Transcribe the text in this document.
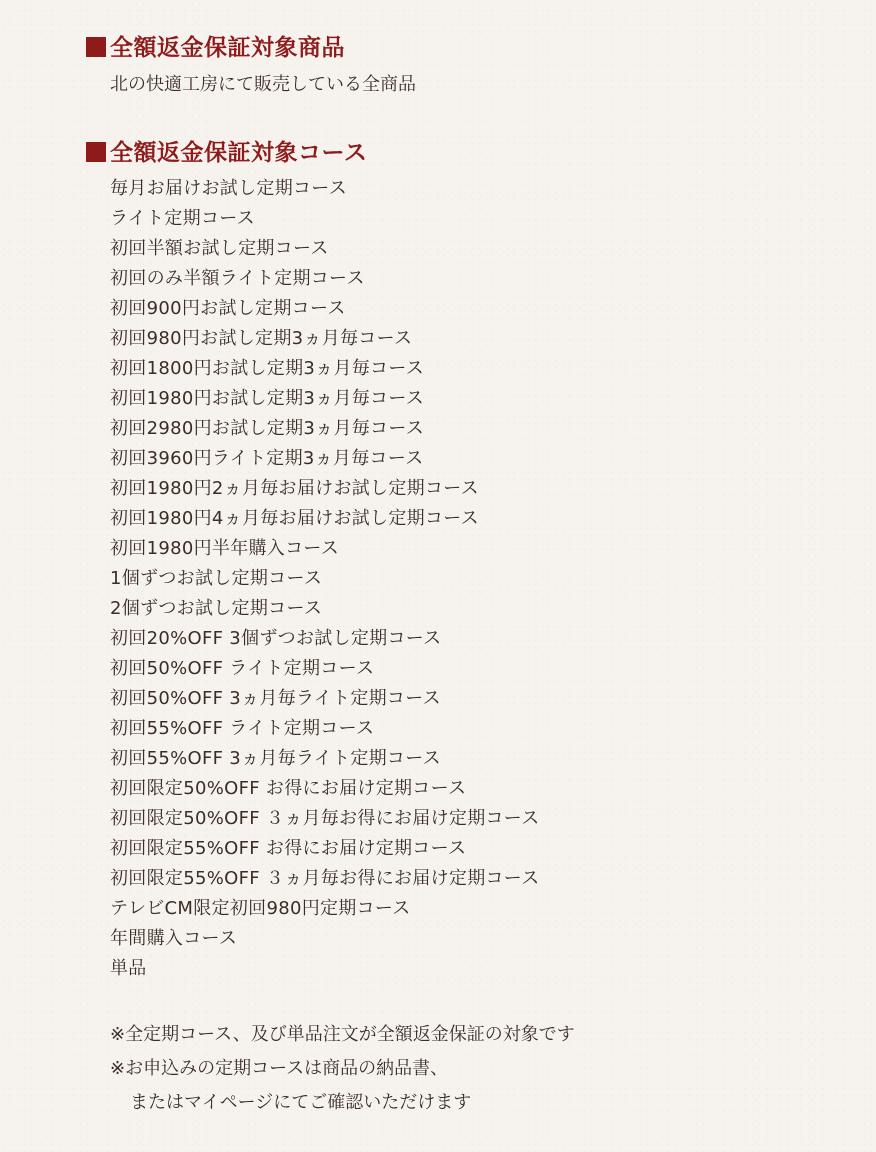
全額返金保証対象商品
北の快適工房にて販売している全商品
全額返金保証対象コース
毎月お届けお試し定期コース
ライト定期コース
初回半額お試し定期コース
初回のみ半額ライト定期コース
初回900円お試し定期コース
初回980円お試し定期3ヵ月毎コース
初回1800円お試し定期3ヵ月毎コース
初回1980円お試し定期3ヵ月毎コース
初回2980円お試し定期3ヵ月毎コース
初回3960円ライト定期3ヵ月毎コース
初回1980円2ヵ月毎お届けお試し定期コース
初回1980円4ヵ月毎お届けお試し定期コース
初回1980円半年購入コース
1個ずつお試し定期コース
2個ずつお試し定期コース
初回20%OFF 3個ずつお試し定期コース
初回50%OFF ライト定期コース
初回50%OFF 3ヵ月毎ライト定期コース
初回55%OFF ライト定期コース
初回55%OFF 3ヵ月毎ライト定期コース
初回限定50%OFF お得にお届け定期コース
初回限定50%OFF ３ヵ月毎お得にお届け定期コース
初回限定55%OFF お得にお届け定期コース
初回限定55%OFF ３ヵ月毎お得にお届け定期コース
テレビCM限定初回980円定期コース
年間購入コース
単品
※全定期コース、及び単品注文が全額返金保証の対象です
※お申込みの定期コースは商品の納品書、
またはマイページにてご確認いただけます
